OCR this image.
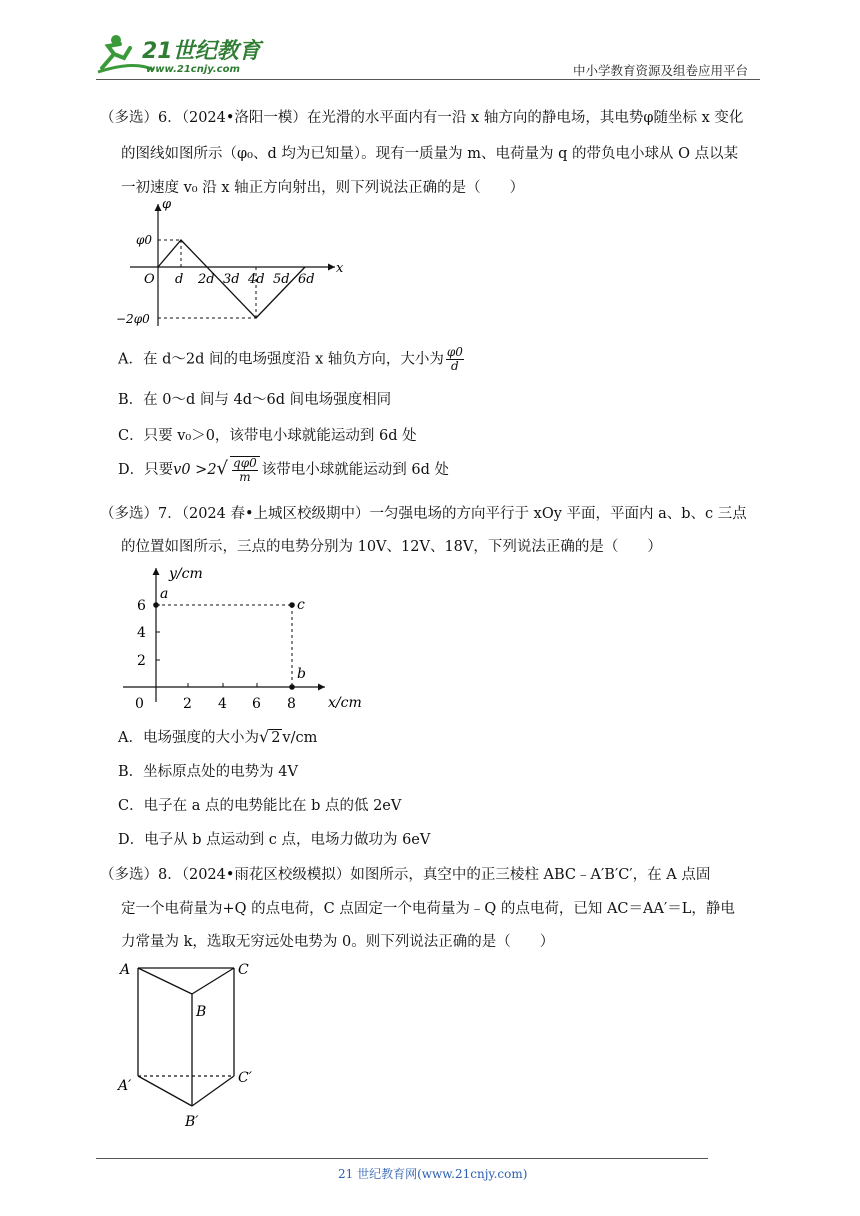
21世纪教育
www.21cnjy.com	中小学教育资源及组卷应用平台
（多选）6．（2024•洛阳一模）在光滑的水平面内有一沿 x 轴方向的静电场，其电势φ随坐标 x 变化
的图线如图所示（φ₀、d 均为已知量）。现有一质量为 m、电荷量为 q 的带负电小球从 O 点以某
一初速度 v₀ 沿 x 轴正方向射出，则下列说法正确的是（　　）
φ
x
O d 2d 3d 4d 5d 6d
φ0
−2φ0
A．在 d～2d 间的电场强度沿 x 轴负方向，大小为 $\frac{\varphi 0}{d}$
B．在 0～d 间与 4d～6d 间电场强度相同
C．只要 v₀＞0，该带电小球就能运动到 6d 处
D．只要$v0 >2√ \frac{q\varphi 0}{m}$ 该带电小球就能运动到 6d 处
（多选）7．（2024 春•上城区校级期中）一匀强电场的方向平行于 xOy 平面，平面内 a、b、c 三点
的位置如图所示，三点的电势分别为 10V、12V、18V，下列说法正确的是（　　）
y/cm
x/cm
0
2
4
6
2 4 6 8
a
b
c
A．电场强度的大小为√ 2 v/cm
B．坐标原点处的电势为 4V
C．电子在 a 点的电势能比在 b 点的低 2eV
D．电子从 b 点运动到 c 点，电场力做功为 6eV
（多选）8．（2024•雨花区校级模拟）如图所示，真空中的正三棱柱 ABC﹣A′B′C′，在 A 点固
定一个电荷量为+Q 的点电荷，C 点固定一个电荷量为﹣Q 的点电荷，已知 AC＝AA′＝L，静电
力常量为 k，选取无穷远处电势为 0。则下列说法正确的是（　　）
A
B
C
A′
B′
C′
21 世纪教育网(www.21cnjy.com)
